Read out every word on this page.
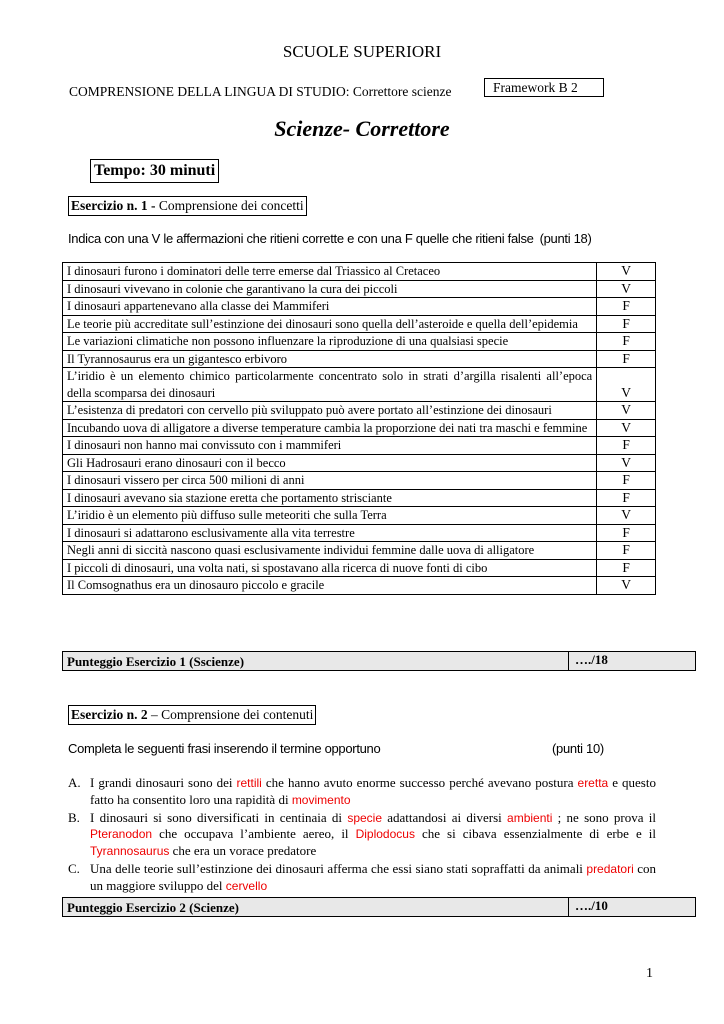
SCUOLE SUPERIORI
COMPRENSIONE DELLA LINGUA DI STUDIO: Correttore scienze	Framework B 2
Scienze- Correttore
Tempo: 30 minuti
Esercizio n. 1 - Comprensione dei concetti
Indica con una V le affermazioni che ritieni corrette e con una F quelle che ritieni false (punti 18)
I dinosauri furono i dominatori delle terre emerse dal Triassico al Cretaceo	V
I dinosauri vivevano in colonie che garantivano la cura dei piccoli	V
I dinosauri appartenevano alla classe dei Mammiferi	F
Le teorie più accreditate sull’estinzione dei dinosauri sono quella dell’asteroide e quella dell’epidemia	F
Le variazioni climatiche non possono influenzare la riproduzione di una qualsiasi specie	F
Il Tyrannosaurus era un gigantesco erbivoro	F
L’iridio è un elemento chimico particolarmente concentrato solo in strati d’argilla risalenti all’epoca della scomparsa dei dinosauri	V
L’esistenza di predatori con cervello più sviluppato può avere portato all’estinzione dei dinosauri	V
Incubando uova di alligatore a diverse temperature cambia la proporzione dei nati tra maschi e femmine	V
I dinosauri non hanno mai convissuto con i mammiferi	F
Gli Hadrosauri erano dinosauri con il becco	V
I dinosauri vissero per circa 500 milioni di anni	F
I dinosauri avevano sia stazione eretta che portamento strisciante	F
L’iridio è un elemento più diffuso sulle meteoriti che sulla Terra	V
I dinosauri si adattarono esclusivamente alla vita terrestre	F
Negli anni di siccità nascono quasi esclusivamente individui femmine dalle uova di alligatore	F
I piccoli di dinosauri, una volta nati, si spostavano alla ricerca di nuove fonti di cibo	F
Il Comsognathus era un dinosauro piccolo e gracile	V
Punteggio Esercizio 1 (Sscienze)	…./18
Esercizio n. 2 – Comprensione dei contenuti
Completa le seguenti frasi inserendo il termine opportuno	(punti 10)
A. I grandi dinosauri sono dei rettili che hanno avuto enorme successo perché avevano postura eretta e questo fatto ha consentito loro una rapidità di movimento
B. I dinosauri si sono diversificati in centinaia di specie adattandosi ai diversi ambienti ; ne sono prova il Pteranodon che occupava l’ambiente aereo, il Diplodocus che si cibava essenzialmente di erbe e il Tyrannosaurus che era un vorace predatore
C. Una delle teorie sull’estinzione dei dinosauri afferma che essi siano stati sopraffatti da animali predatori con un maggiore sviluppo del cervello
Punteggio Esercizio 2 (Scienze)	…./10
1
